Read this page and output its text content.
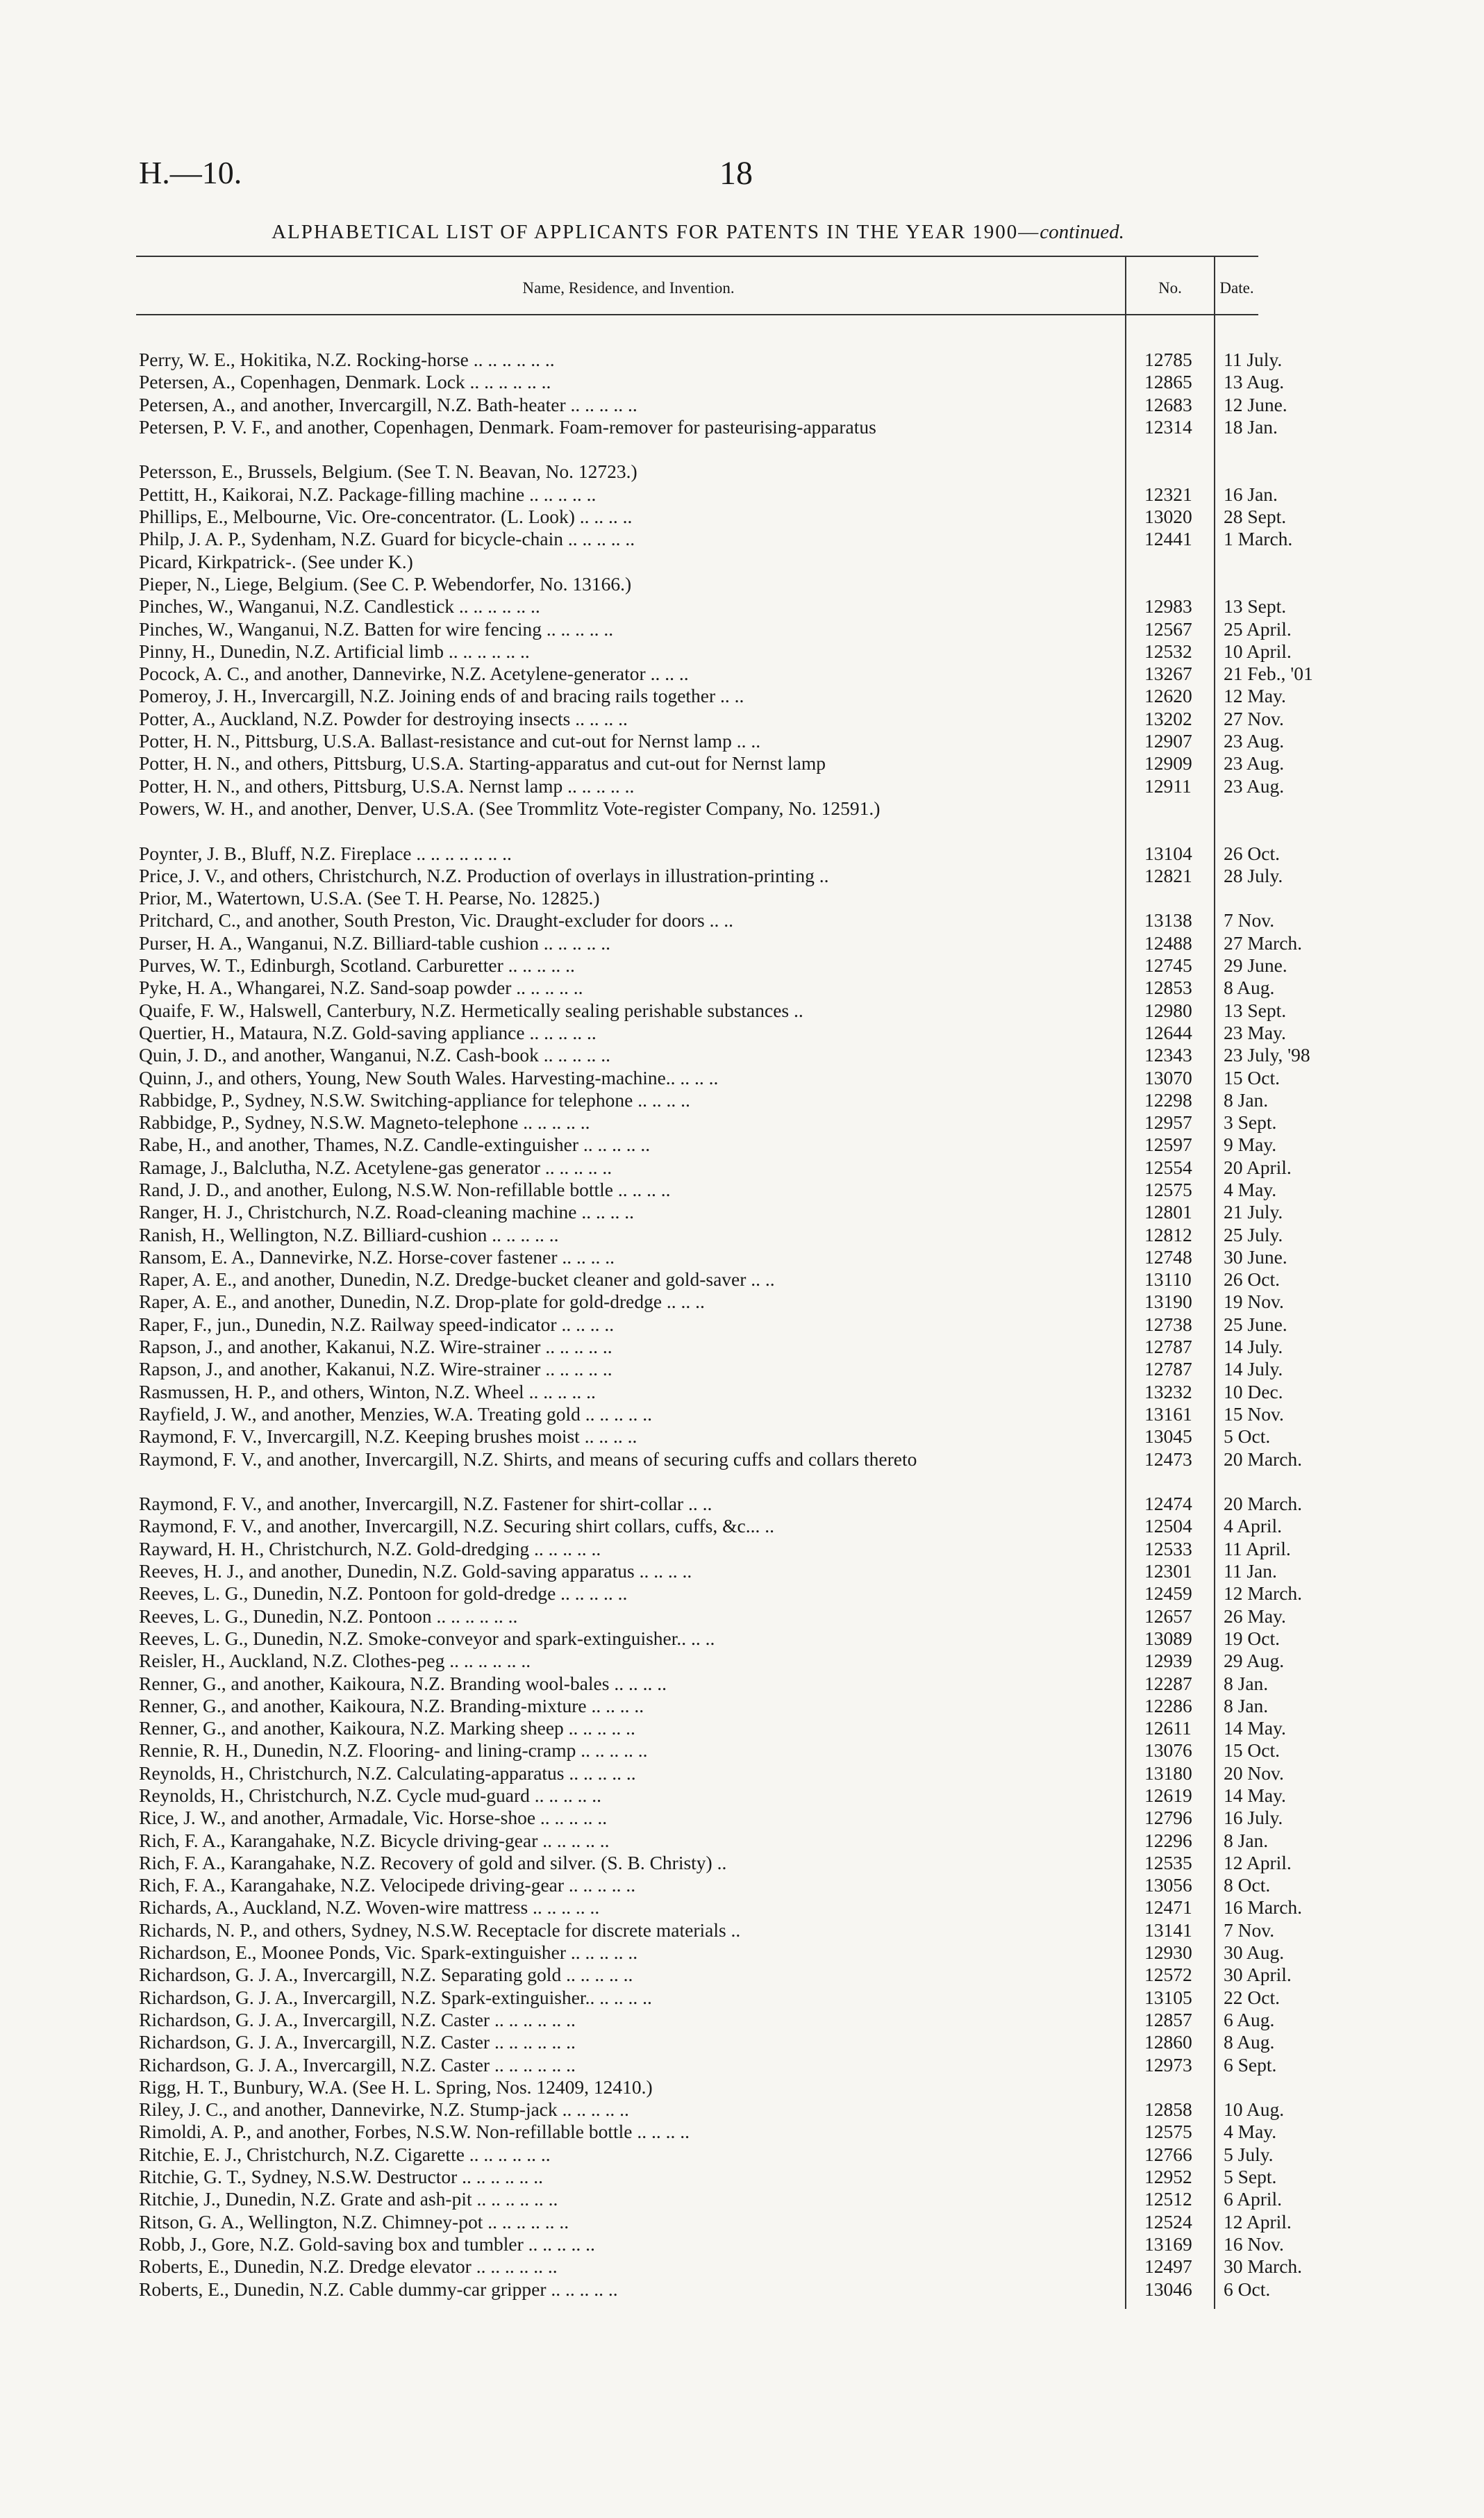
H.—10.	18
ALPHABETICAL LIST OF APPLICANTS FOR PATENTS IN THE YEAR 1900—continued.
Name, Residence, and Invention.	No.	Date.
Perry, W. E., Hokitika, N.Z. Rocking-horse .. .. .. .. .. ..	12785	11 July.
Petersen, A., Copenhagen, Denmark. Lock .. .. .. .. .. ..	12865	13 Aug.
Petersen, A., and another, Invercargill, N.Z. Bath-heater .. .. .. .. ..	12683	12 June.
Petersen, P. V. F., and another, Copenhagen, Denmark. Foam-remover for pasteurising-apparatus	12314	18 Jan.
Petersson, E., Brussels, Belgium. (See T. N. Beavan, No. 12723.)
Pettitt, H., Kaikorai, N.Z. Package-filling machine .. .. .. .. ..	12321	16 Jan.
Phillips, E., Melbourne, Vic. Ore-concentrator. (L. Look) .. .. .. ..	13020	28 Sept.
Philp, J. A. P., Sydenham, N.Z. Guard for bicycle-chain .. .. .. .. ..	12441	1 March.
Picard, Kirkpatrick-. (See under K.)
Pieper, N., Liege, Belgium. (See C. P. Webendorfer, No. 13166.)
Pinches, W., Wanganui, N.Z. Candlestick .. .. .. .. .. ..	12983	13 Sept.
Pinches, W., Wanganui, N.Z. Batten for wire fencing .. .. .. .. ..	12567	25 April.
Pinny, H., Dunedin, N.Z. Artificial limb .. .. .. .. .. ..	12532	10 April.
Pocock, A. C., and another, Dannevirke, N.Z. Acetylene-generator .. .. ..	13267	21 Feb., '01
Pomeroy, J. H., Invercargill, N.Z. Joining ends of and bracing rails together .. ..	12620	12 May.
Potter, A., Auckland, N.Z. Powder for destroying insects .. .. .. ..	13202	27 Nov.
Potter, H. N., Pittsburg, U.S.A. Ballast-resistance and cut-out for Nernst lamp .. ..	12907	23 Aug.
Potter, H. N., and others, Pittsburg, U.S.A. Starting-apparatus and cut-out for Nernst lamp	12909	23 Aug.
Potter, H. N., and others, Pittsburg, U.S.A. Nernst lamp .. .. .. .. ..	12911	23 Aug.
Powers, W. H., and another, Denver, U.S.A. (See Trommlitz Vote-register Company, No. 12591.)
Poynter, J. B., Bluff, N.Z. Fireplace .. .. .. .. .. .. ..	13104	26 Oct.
Price, J. V., and others, Christchurch, N.Z. Production of overlays in illustration-printing ..	12821	28 July.
Prior, M., Watertown, U.S.A. (See T. H. Pearse, No. 12825.)
Pritchard, C., and another, South Preston, Vic. Draught-excluder for doors .. ..	13138	7 Nov.
Purser, H. A., Wanganui, N.Z. Billiard-table cushion .. .. .. .. ..	12488	27 March.
Purves, W. T., Edinburgh, Scotland. Carburetter .. .. .. .. ..	12745	29 June.
Pyke, H. A., Whangarei, N.Z. Sand-soap powder .. .. .. .. ..	12853	8 Aug.
Quaife, F. W., Halswell, Canterbury, N.Z. Hermetically sealing perishable substances ..	12980	13 Sept.
Quertier, H., Mataura, N.Z. Gold-saving appliance .. .. .. .. ..	12644	23 May.
Quin, J. D., and another, Wanganui, N.Z. Cash-book .. .. .. .. ..	12343	23 July, '98
Quinn, J., and others, Young, New South Wales. Harvesting-machine.. .. .. ..	13070	15 Oct.
Rabbidge, P., Sydney, N.S.W. Switching-appliance for telephone .. .. .. ..	12298	8 Jan.
Rabbidge, P., Sydney, N.S.W. Magneto-telephone .. .. .. .. ..	12957	3 Sept.
Rabe, H., and another, Thames, N.Z. Candle-extinguisher .. .. .. .. ..	12597	9 May.
Ramage, J., Balclutha, N.Z. Acetylene-gas generator .. .. .. .. ..	12554	20 April.
Rand, J. D., and another, Eulong, N.S.W. Non-refillable bottle .. .. .. ..	12575	4 May.
Ranger, H. J., Christchurch, N.Z. Road-cleaning machine .. .. .. ..	12801	21 July.
Ranish, H., Wellington, N.Z. Billiard-cushion .. .. .. .. ..	12812	25 July.
Ransom, E. A., Dannevirke, N.Z. Horse-cover fastener .. .. .. ..	12748	30 June.
Raper, A. E., and another, Dunedin, N.Z. Dredge-bucket cleaner and gold-saver .. ..	13110	26 Oct.
Raper, A. E., and another, Dunedin, N.Z. Drop-plate for gold-dredge .. .. ..	13190	19 Nov.
Raper, F., jun., Dunedin, N.Z. Railway speed-indicator .. .. .. ..	12738	25 June.
Rapson, J., and another, Kakanui, N.Z. Wire-strainer .. .. .. .. ..	12787	14 July.
Rapson, J., and another, Kakanui, N.Z. Wire-strainer .. .. .. .. ..	12787	14 July.
Rasmussen, H. P., and others, Winton, N.Z. Wheel .. .. .. .. ..	13232	10 Dec.
Rayfield, J. W., and another, Menzies, W.A. Treating gold .. .. .. .. ..	13161	15 Nov.
Raymond, F. V., Invercargill, N.Z. Keeping brushes moist .. .. .. ..	13045	5 Oct.
Raymond, F. V., and another, Invercargill, N.Z. Shirts, and means of securing cuffs and collars thereto	12473	20 March.
Raymond, F. V., and another, Invercargill, N.Z. Fastener for shirt-collar .. ..	12474	20 March.
Raymond, F. V., and another, Invercargill, N.Z. Securing shirt collars, cuffs, &c... ..	12504	4 April.
Rayward, H. H., Christchurch, N.Z. Gold-dredging .. .. .. .. ..	12533	11 April.
Reeves, H. J., and another, Dunedin, N.Z. Gold-saving apparatus .. .. .. ..	12301	11 Jan.
Reeves, L. G., Dunedin, N.Z. Pontoon for gold-dredge .. .. .. .. ..	12459	12 March.
Reeves, L. G., Dunedin, N.Z. Pontoon .. .. .. .. .. ..	12657	26 May.
Reeves, L. G., Dunedin, N.Z. Smoke-conveyor and spark-extinguisher.. .. ..	13089	19 Oct.
Reisler, H., Auckland, N.Z. Clothes-peg .. .. .. .. .. ..	12939	29 Aug.
Renner, G., and another, Kaikoura, N.Z. Branding wool-bales .. .. .. ..	12287	8 Jan.
Renner, G., and another, Kaikoura, N.Z. Branding-mixture .. .. .. ..	12286	8 Jan.
Renner, G., and another, Kaikoura, N.Z. Marking sheep .. .. .. .. ..	12611	14 May.
Rennie, R. H., Dunedin, N.Z. Flooring- and lining-cramp .. .. .. .. ..	13076	15 Oct.
Reynolds, H., Christchurch, N.Z. Calculating-apparatus .. .. .. .. ..	13180	20 Nov.
Reynolds, H., Christchurch, N.Z. Cycle mud-guard .. .. .. .. ..	12619	14 May.
Rice, J. W., and another, Armadale, Vic. Horse-shoe .. .. .. .. ..	12796	16 July.
Rich, F. A., Karangahake, N.Z. Bicycle driving-gear .. .. .. .. ..	12296	8 Jan.
Rich, F. A., Karangahake, N.Z. Recovery of gold and silver. (S. B. Christy) ..	12535	12 April.
Rich, F. A., Karangahake, N.Z. Velocipede driving-gear .. .. .. .. ..	13056	8 Oct.
Richards, A., Auckland, N.Z. Woven-wire mattress .. .. .. .. ..	12471	16 March.
Richards, N. P., and others, Sydney, N.S.W. Receptacle for discrete materials ..	13141	7 Nov.
Richardson, E., Moonee Ponds, Vic. Spark-extinguisher .. .. .. .. ..	12930	30 Aug.
Richardson, G. J. A., Invercargill, N.Z. Separating gold .. .. .. .. ..	12572	30 April.
Richardson, G. J. A., Invercargill, N.Z. Spark-extinguisher.. .. .. .. ..	13105	22 Oct.
Richardson, G. J. A., Invercargill, N.Z. Caster .. .. .. .. .. ..	12857	6 Aug.
Richardson, G. J. A., Invercargill, N.Z. Caster .. .. .. .. .. ..	12860	8 Aug.
Richardson, G. J. A., Invercargill, N.Z. Caster .. .. .. .. .. ..	12973	6 Sept.
Rigg, H. T., Bunbury, W.A. (See H. L. Spring, Nos. 12409, 12410.)
Riley, J. C., and another, Dannevirke, N.Z. Stump-jack .. .. .. .. ..	12858	10 Aug.
Rimoldi, A. P., and another, Forbes, N.S.W. Non-refillable bottle .. .. .. ..	12575	4 May.
Ritchie, E. J., Christchurch, N.Z. Cigarette .. .. .. .. .. ..	12766	5 July.
Ritchie, G. T., Sydney, N.S.W. Destructor .. .. .. .. .. ..	12952	5 Sept.
Ritchie, J., Dunedin, N.Z. Grate and ash-pit .. .. .. .. .. ..	12512	6 April.
Ritson, G. A., Wellington, N.Z. Chimney-pot .. .. .. .. .. ..	12524	12 April.
Robb, J., Gore, N.Z. Gold-saving box and tumbler .. .. .. .. ..	13169	16 Nov.
Roberts, E., Dunedin, N.Z. Dredge elevator .. .. .. .. .. ..	12497	30 March.
Roberts, E., Dunedin, N.Z. Cable dummy-car gripper .. .. .. .. ..	13046	6 Oct.
